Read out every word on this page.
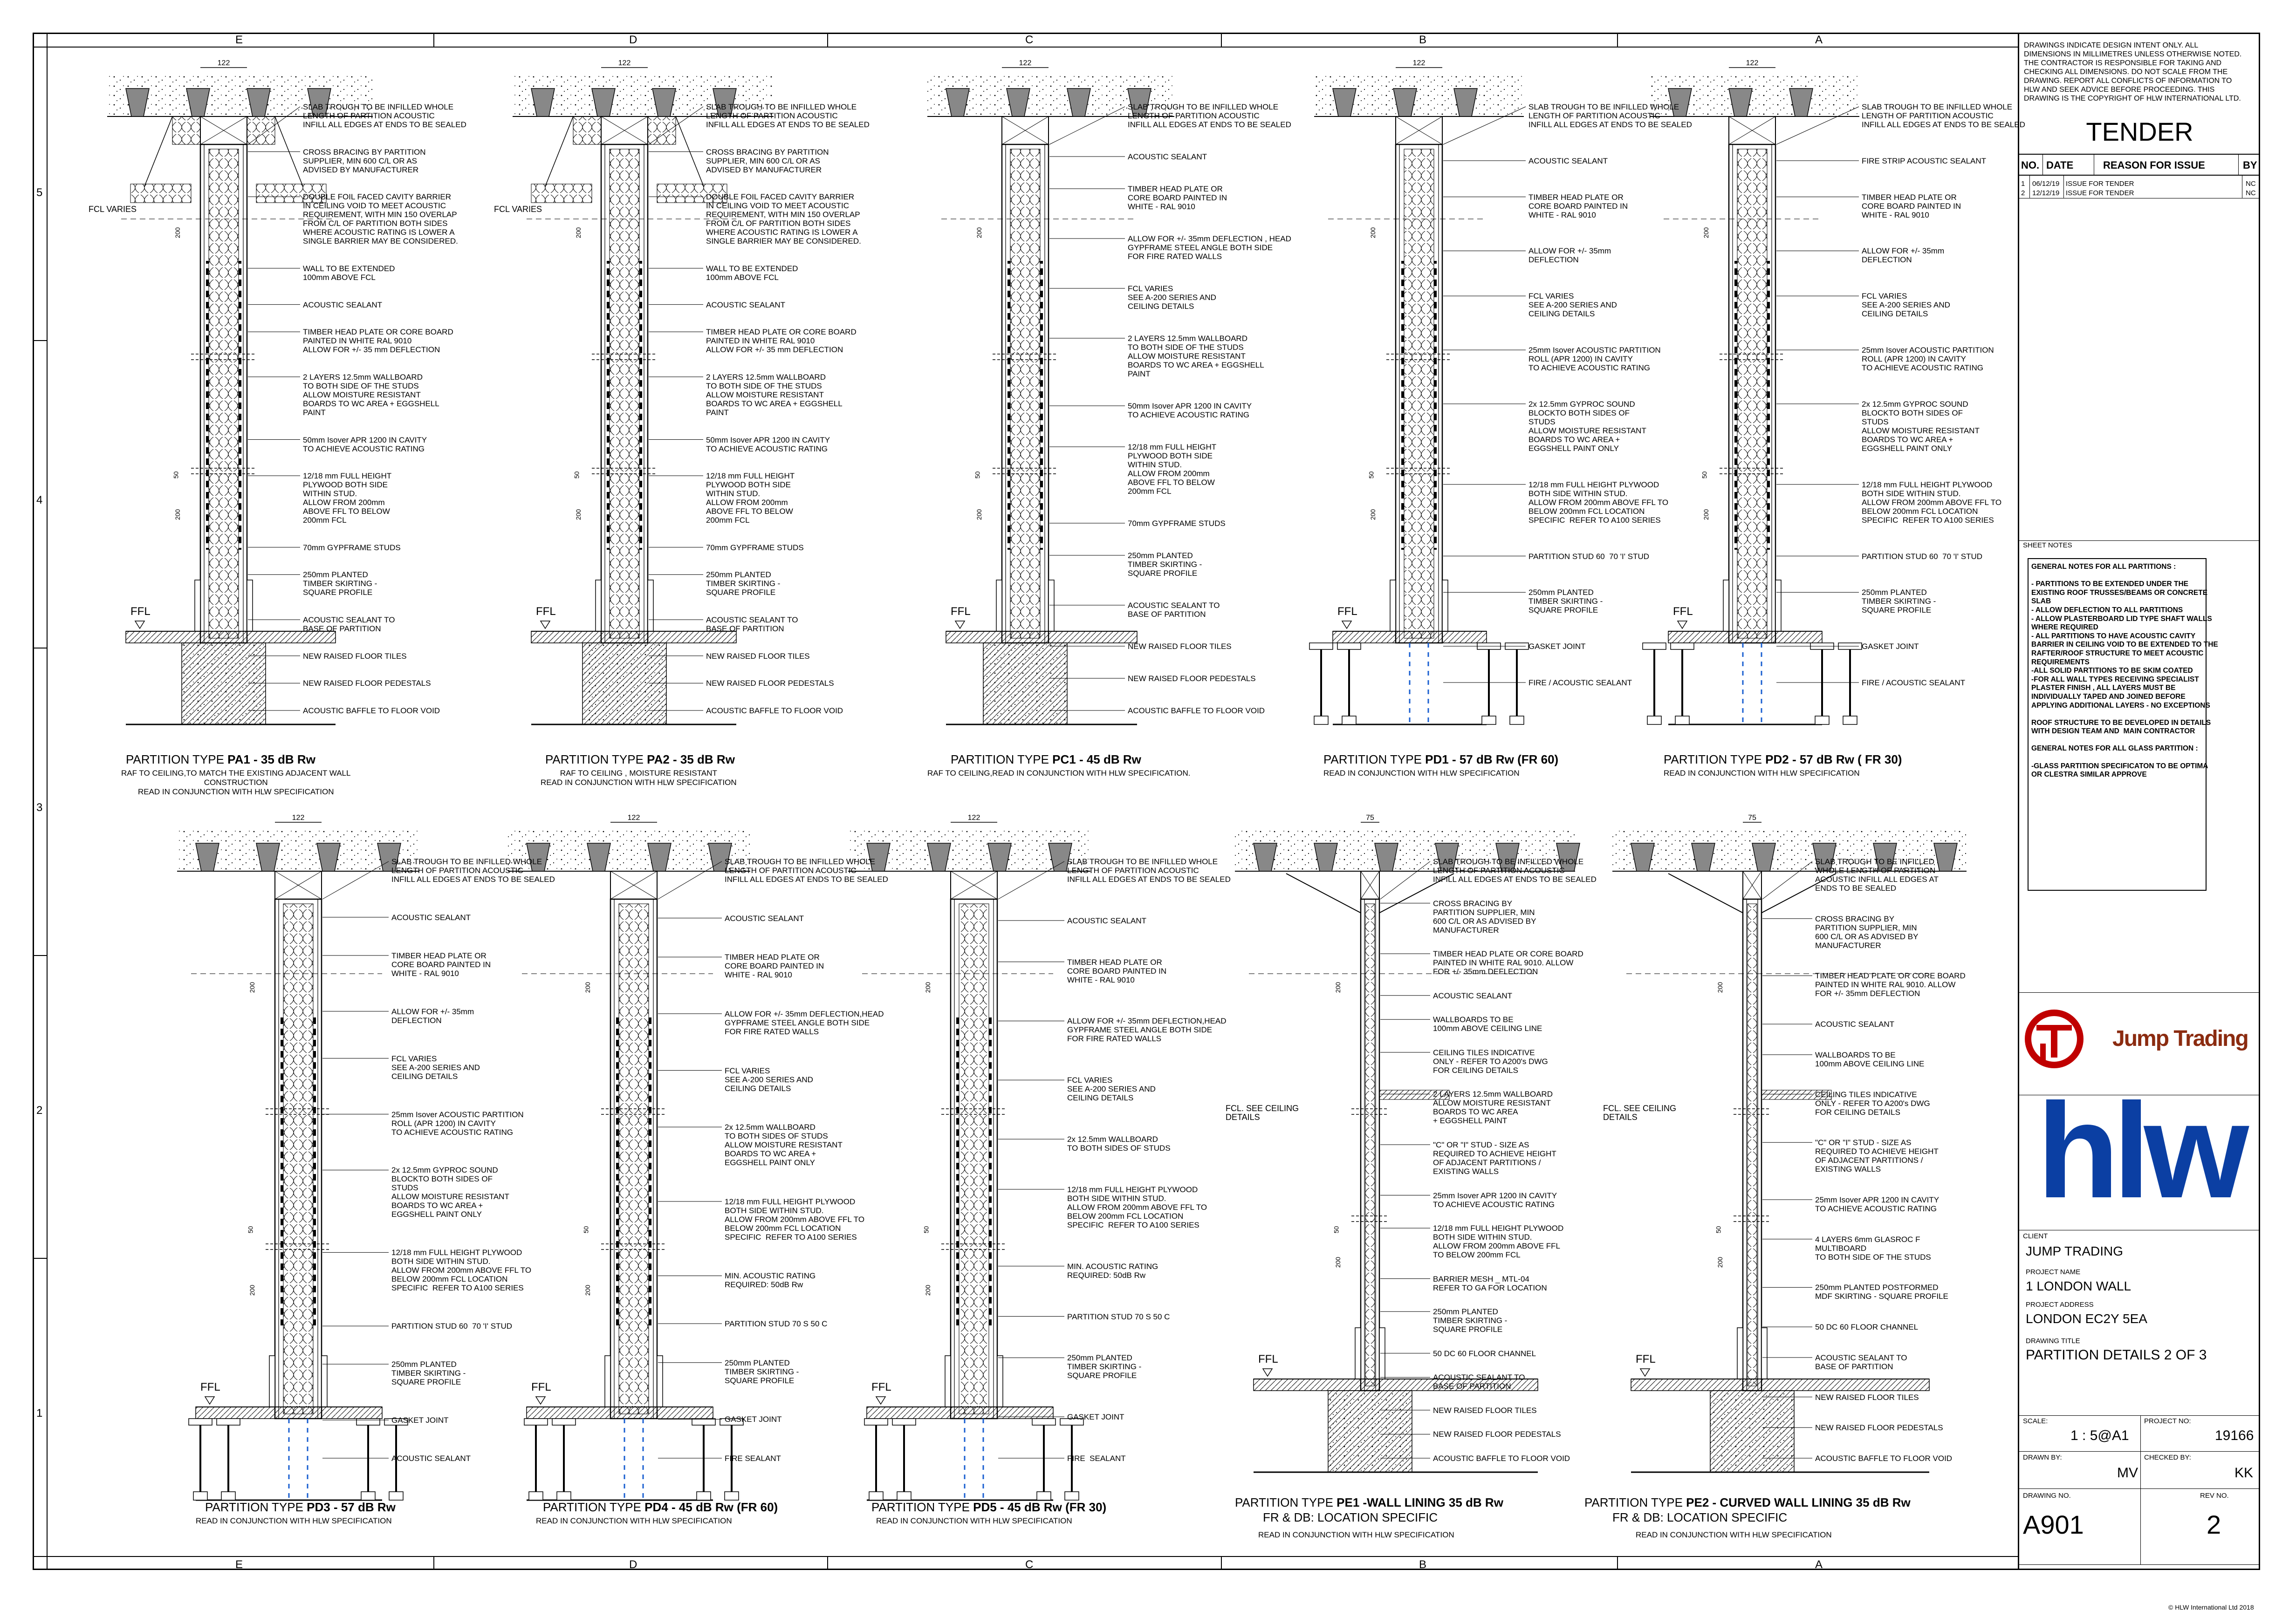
122	122	122	122	122
122	122	122	75	75
E
E
D
D
C
C
B
B
A
A
5
4
3
2
1
FFL
FCL VARIES
200
50
200
SLAB TROUGH TO BE INFILLED WHOLE
LENGTH OF PARTITION ACOUSTIC
INFILL ALL EDGES AT ENDS TO BE SEALED
CROSS BRACING BY PARTITION
SUPPLIER, MIN 600 C/L OR AS
ADVISED BY MANUFACTURER
DOUBLE FOIL FACED CAVITY BARRIER
IN CEILING VOID TO MEET ACOUSTIC
REQUIREMENT, WITH MIN 150 OVERLAP
FROM C/L OF PARTITION BOTH SIDES
WHERE ACOUSTIC RATING IS LOWER A
SINGLE BARRIER MAY BE CONSIDERED.
WALL TO BE EXTENDED
100mm ABOVE FCL
ACOUSTIC SEALANT
TIMBER HEAD PLATE OR CORE BOARD
PAINTED IN WHITE RAL 9010
ALLOW FOR +/- 35 mm DEFLECTION
2 LAYERS 12.5mm WALLBOARD
TO BOTH SIDE OF THE STUDS
ALLOW MOISTURE RESISTANT
BOARDS TO WC AREA + EGGSHELL
PAINT
50mm Isover APR 1200 IN CAVITY
TO ACHIEVE ACOUSTIC RATING
12/18 mm FULL HEIGHT
PLYWOOD BOTH SIDE
WITHIN STUD.
ALLOW FROM 200mm
ABOVE FFL TO BELOW
200mm FCL
70mm GYPFRAME STUDS
250mm PLANTED
TIMBER SKIRTING -
SQUARE PROFILE
ACOUSTIC SEALANT TO
BASE OF PARTITION
NEW RAISED FLOOR TILES
NEW RAISED FLOOR PEDESTALS
ACOUSTIC BAFFLE TO FLOOR VOID
PARTITION TYPE PA1 - 35 dB Rw
RAF TO CEILING,TO MATCH THE EXISTING ADJACENT WALL
CONSTRUCTION
READ IN CONJUNCTION WITH HLW SPECIFICATION
FFL
FCL VARIES
200
50
200
SLAB TROUGH TO BE INFILLED WHOLE
LENGTH OF PARTITION ACOUSTIC
INFILL ALL EDGES AT ENDS TO BE SEALED
CROSS BRACING BY PARTITION
SUPPLIER, MIN 600 C/L OR AS
ADVISED BY MANUFACTURER
DOUBLE FOIL FACED CAVITY BARRIER
IN CEILING VOID TO MEET ACOUSTIC
REQUIREMENT, WITH MIN 150 OVERLAP
FROM C/L OF PARTITION BOTH SIDES
WHERE ACOUSTIC RATING IS LOWER A
SINGLE BARRIER MAY BE CONSIDERED.
WALL TO BE EXTENDED
100mm ABOVE FCL
ACOUSTIC SEALANT
TIMBER HEAD PLATE OR CORE BOARD
PAINTED IN WHITE RAL 9010
ALLOW FOR +/- 35 mm DEFLECTION
2 LAYERS 12.5mm WALLBOARD
TO BOTH SIDE OF THE STUDS
ALLOW MOISTURE RESISTANT
BOARDS TO WC AREA + EGGSHELL
PAINT
50mm Isover APR 1200 IN CAVITY
TO ACHIEVE ACOUSTIC RATING
12/18 mm FULL HEIGHT
PLYWOOD BOTH SIDE
WITHIN STUD.
ALLOW FROM 200mm
ABOVE FFL TO BELOW
200mm FCL
70mm GYPFRAME STUDS
250mm PLANTED
TIMBER SKIRTING -
SQUARE PROFILE
ACOUSTIC SEALANT TO
BASE OF PARTITION
NEW RAISED FLOOR TILES
NEW RAISED FLOOR PEDESTALS
ACOUSTIC BAFFLE TO FLOOR VOID
PARTITION TYPE PA2 - 35 dB Rw
RAF TO CEILING , MOISTURE RESISTANT
READ IN CONJUNCTION WITH HLW SPECIFICATION
FFL
200
50
200
SLAB TROUGH TO BE INFILLED WHOLE
LENGTH OF PARTITION ACOUSTIC
INFILL ALL EDGES AT ENDS TO BE SEALED
ACOUSTIC SEALANT
TIMBER HEAD PLATE OR
CORE BOARD PAINTED IN
WHITE - RAL 9010
ALLOW FOR +/- 35mm DEFLECTION , HEAD
GYPFRAME STEEL ANGLE BOTH SIDE
FOR FIRE RATED WALLS
FCL VARIES
SEE A-200 SERIES AND
CEILING DETAILS
2 LAYERS 12.5mm WALLBOARD
TO BOTH SIDE OF THE STUDS
ALLOW MOISTURE RESISTANT
BOARDS TO WC AREA + EGGSHELL
PAINT
50mm Isover APR 1200 IN CAVITY
TO ACHIEVE ACOUSTIC RATING
12/18 mm FULL HEIGHT
PLYWOOD BOTH SIDE
WITHIN STUD.
ALLOW FROM 200mm
ABOVE FFL TO BELOW
200mm FCL
70mm GYPFRAME STUDS
250mm PLANTED
TIMBER SKIRTING -
SQUARE PROFILE
ACOUSTIC SEALANT TO
BASE OF PARTITION
NEW RAISED FLOOR TILES
NEW RAISED FLOOR PEDESTALS
ACOUSTIC BAFFLE TO FLOOR VOID
PARTITION TYPE PC1 - 45 dB Rw
RAF TO CEILING,READ IN CONJUNCTION WITH HLW SPECIFICATION.
FFL
200
50
200
SLAB TROUGH TO BE INFILLED WHOLE
LENGTH OF PARTITION ACOUSTIC
INFILL ALL EDGES AT ENDS TO BE SEALED
ACOUSTIC SEALANT
TIMBER HEAD PLATE OR
CORE BOARD PAINTED IN
WHITE - RAL 9010
ALLOW FOR +/- 35mm
DEFLECTION
FCL VARIES
SEE A-200 SERIES AND
CEILING DETAILS
25mm Isover ACOUSTIC PARTITION
ROLL (APR 1200) IN CAVITY
TO ACHIEVE ACOUSTIC RATING
2x 12.5mm GYPROC SOUND
BLOCKTO BOTH SIDES OF
STUDS
ALLOW MOISTURE RESISTANT
BOARDS TO WC AREA +
EGGSHELL PAINT ONLY
12/18 mm FULL HEIGHT PLYWOOD
BOTH SIDE WITHIN STUD.
ALLOW FROM 200mm ABOVE FFL TO
BELOW 200mm FCL LOCATION
SPECIFIC  REFER TO A100 SERIES
PARTITION STUD 60  70 'I' STUD
250mm PLANTED
TIMBER SKIRTING -
SQUARE PROFILE
GASKET JOINT
FIRE / ACOUSTIC SEALANT
PARTITION TYPE PD1 - 57 dB Rw (FR 60)
READ IN CONJUNCTION WITH HLW SPECIFICATION
FFL
200
50
200
SLAB TROUGH TO BE INFILLED WHOLE
LENGTH OF PARTITION ACOUSTIC
INFILL ALL EDGES AT ENDS TO BE SEALED
FIRE STRIP ACOUSTIC SEALANT
TIMBER HEAD PLATE OR
CORE BOARD PAINTED IN
WHITE - RAL 9010
ALLOW FOR +/- 35mm
DEFLECTION
FCL VARIES
SEE A-200 SERIES AND
CEILING DETAILS
25mm Isover ACOUSTIC PARTITION
ROLL (APR 1200) IN CAVITY
TO ACHIEVE ACOUSTIC RATING
2x 12.5mm GYPROC SOUND
BLOCKTO BOTH SIDES OF
STUDS
ALLOW MOISTURE RESISTANT
BOARDS TO WC AREA +
EGGSHELL PAINT ONLY
12/18 mm FULL HEIGHT PLYWOOD
BOTH SIDE WITHIN STUD.
ALLOW FROM 200mm ABOVE FFL TO
BELOW 200mm FCL LOCATION
SPECIFIC  REFER TO A100 SERIES
PARTITION STUD 60  70 'I' STUD
250mm PLANTED
TIMBER SKIRTING -
SQUARE PROFILE
GASKET JOINT
FIRE / ACOUSTIC SEALANT
PARTITION TYPE PD2 - 57 dB Rw ( FR 30)
READ IN CONJUNCTION WITH HLW SPECIFICATION
FFL
200
50
200
SLAB TROUGH TO BE INFILLED WHOLE
LENGTH OF PARTITION ACOUSTIC
INFILL ALL EDGES AT ENDS TO BE SEALED
ACOUSTIC SEALANT
TIMBER HEAD PLATE OR
CORE BOARD PAINTED IN
WHITE - RAL 9010
ALLOW FOR +/- 35mm
DEFLECTION
FCL VARIES
SEE A-200 SERIES AND
CEILING DETAILS
25mm Isover ACOUSTIC PARTITION
ROLL (APR 1200) IN CAVITY
TO ACHIEVE ACOUSTIC RATING
2x 12.5mm GYPROC SOUND
BLOCKTO BOTH SIDES OF
STUDS
ALLOW MOISTURE RESISTANT
BOARDS TO WC AREA +
EGGSHELL PAINT ONLY
12/18 mm FULL HEIGHT PLYWOOD
BOTH SIDE WITHIN STUD.
ALLOW FROM 200mm ABOVE FFL TO
BELOW 200mm FCL LOCATION
SPECIFIC  REFER TO A100 SERIES
PARTITION STUD 60  70 'I' STUD
250mm PLANTED
TIMBER SKIRTING -
SQUARE PROFILE
GASKET JOINT
ACOUSTIC SEALANT
PARTITION TYPE PD3 - 57 dB Rw
READ IN CONJUNCTION WITH HLW SPECIFICATION
FFL
200
50
200
SLAB TROUGH TO BE INFILLED WHOLE
LENGTH OF PARTITION ACOUSTIC
INFILL ALL EDGES AT ENDS TO BE SEALED
ACOUSTIC SEALANT
TIMBER HEAD PLATE OR
CORE BOARD PAINTED IN
WHITE - RAL 9010
ALLOW FOR +/- 35mm DEFLECTION,HEAD
GYPFRAME STEEL ANGLE BOTH SIDE
FOR FIRE RATED WALLS
FCL VARIES
SEE A-200 SERIES AND
CEILING DETAILS
2x 12.5mm WALLBOARD
TO BOTH SIDES OF STUDS
ALLOW MOISTURE RESISTANT
BOARDS TO WC AREA +
EGGSHELL PAINT ONLY
12/18 mm FULL HEIGHT PLYWOOD
BOTH SIDE WITHIN STUD.
ALLOW FROM 200mm ABOVE FFL TO
BELOW 200mm FCL LOCATION
SPECIFIC  REFER TO A100 SERIES
MIN. ACOUSTIC RATING
REQUIRED: 50dB Rw
PARTITION STUD 70 S 50 C
250mm PLANTED
TIMBER SKIRTING -
SQUARE PROFILE
GASKET JOINT
FIRE SEALANT
PARTITION TYPE PD4 - 45 dB Rw (FR 60)
READ IN CONJUNCTION WITH HLW SPECIFICATION
FFL
200
50
200
SLAB TROUGH TO BE INFILLED WHOLE
LENGTH OF PARTITION ACOUSTIC
INFILL ALL EDGES AT ENDS TO BE SEALED
ACOUSTIC SEALANT
TIMBER HEAD PLATE OR
CORE BOARD PAINTED IN
WHITE - RAL 9010
ALLOW FOR +/- 35mm DEFLECTION,HEAD
GYPFRAME STEEL ANGLE BOTH SIDE
FOR FIRE RATED WALLS
FCL VARIES
SEE A-200 SERIES AND
CEILING DETAILS
2x 12.5mm WALLBOARD
TO BOTH SIDES OF STUDS
12/18 mm FULL HEIGHT PLYWOOD
BOTH SIDE WITHIN STUD.
ALLOW FROM 200mm ABOVE FFL TO
BELOW 200mm FCL LOCATION
SPECIFIC  REFER TO A100 SERIES
MIN. ACOUSTIC RATING
REQUIRED: 50dB Rw
PARTITION STUD 70 S 50 C
250mm PLANTED
TIMBER SKIRTING -
SQUARE PROFILE
GASKET JOINT
FIRE  SEALANT
PARTITION TYPE PD5 - 45 dB Rw (FR 30)
READ IN CONJUNCTION WITH HLW SPECIFICATION
FFL
FCL. SEE CEILING
DETAILS
200
50
200
SLAB TROUGH TO BE INFILLED WHOLE
LENGTH OF PARTITION ACOUSTIC
INFILL ALL EDGES AT ENDS TO BE SEALED
CROSS BRACING BY
PARTITION SUPPLIER, MIN
600 C/L OR AS ADVISED BY
MANUFACTURER
TIMBER HEAD PLATE OR CORE BOARD
PAINTED IN WHITE RAL 9010. ALLOW
FOR +/- 35mm DEFLECTION
ACOUSTIC SEALANT
WALLBOARDS TO BE
100mm ABOVE CEILING LINE
CEILING TILES INDICATIVE
ONLY - REFER TO A200's DWG
FOR CEILING DETAILS
2 LAYERS 12.5mm WALLBOARD
ALLOW MOISTURE RESISTANT
BOARDS TO WC AREA
+ EGGSHELL PAINT
"C" OR "I" STUD - SIZE AS
REQUIRED TO ACHIEVE HEIGHT
OF ADJACENT PARTITIONS /
EXISTING WALLS
25mm Isover APR 1200 IN CAVITY
TO ACHIEVE ACOUSTIC RATING
12/18 mm FULL HEIGHT PLYWOOD
BOTH SIDE WITHIN STUD.
ALLOW FROM 200mm ABOVE FFL
TO BELOW 200mm FCL
BARRIER MESH _ MTL-04
REFER TO GA FOR LOCATION
250mm PLANTED
TIMBER SKIRTING -
SQUARE PROFILE
50 DC 60 FLOOR CHANNEL
ACOUSTIC SEALANT TO
BASE OF PARTITION
NEW RAISED FLOOR TILES
NEW RAISED FLOOR PEDESTALS
ACOUSTIC BAFFLE TO FLOOR VOID
PARTITION TYPE PE1 -WALL LINING 35 dB Rw
FR & DB: LOCATION SPECIFIC
READ IN CONJUNCTION WITH HLW SPECIFICATION
FFL
FCL. SEE CEILING
DETAILS
200
50
200
SLAB TROUGH TO BE INFILLED
WHOLE LENGTH OF PARTITION
ACOUSTIC INFILL ALL EDGES AT
ENDS TO BE SEALED
CROSS BRACING BY
PARTITION SUPPLIER, MIN
600 C/L OR AS ADVISED BY
MANUFACTURER
TIMBER HEAD PLATE OR CORE BOARD
PAINTED IN WHITE RAL 9010. ALLOW
FOR +/- 35mm DEFLECTION
ACOUSTIC SEALANT
WALLBOARDS TO BE
100mm ABOVE CEILING LINE
CEILING TILES INDICATIVE
ONLY - REFER TO A200's DWG
FOR CEILING DETAILS
"C" OR "I" STUD - SIZE AS
REQUIRED TO ACHIEVE HEIGHT
OF ADJACENT PARTITIONS /
EXISTING WALLS
25mm Isover APR 1200 IN CAVITY
TO ACHIEVE ACOUSTIC RATING
4 LAYERS 6mm GLASROC F
MULTIBOARD
TO BOTH SIDE OF THE STUDS
250mm PLANTED POSTFORMED
MDF SKIRTING - SQUARE PROFILE
50 DC 60 FLOOR CHANNEL
ACOUSTIC SEALANT TO
BASE OF PARTITION
NEW RAISED FLOOR TILES
NEW RAISED FLOOR PEDESTALS
ACOUSTIC BAFFLE TO FLOOR VOID
PARTITION TYPE PE2 - CURVED WALL LINING 35 dB Rw
FR & DB: LOCATION SPECIFIC
READ IN CONJUNCTION WITH HLW SPECIFICATION
DRAWINGS INDICATE DESIGN INTENT ONLY. ALL
DIMENSIONS IN MILLIMETRES UNLESS OTHERWISE NOTED.
THE CONTRACTOR IS RESPONSIBLE FOR TAKING AND
CHECKING ALL DIMENSIONS. DO NOT SCALE FROM THE
DRAWING. REPORT ALL CONFLICTS OF INFORMATION TO
HLW AND SEEK ADVICE BEFORE PROCEEDING. THIS
DRAWING IS THE COPYRIGHT OF HLW INTERNATIONAL LTD.
TENDER
NO. DATE	REASON FOR ISSUE	BY
1 06/12/19 ISSUE FOR TENDER	NC
2 12/12/19 ISSUE FOR TENDER	NC
SHEET NOTES
GENERAL NOTES FOR ALL PARTITIONS :

- PARTITIONS TO BE EXTENDED UNDER THE
EXISTING ROOF TRUSSES/BEAMS OR CONCRETE
SLAB
- ALLOW DEFLECTION TO ALL PARTITIONS
- ALLOW PLASTERBOARD LID TYPE SHAFT WALLS
WHERE REQUIRED
- ALL PARTITIONS TO HAVE ACOUSTIC CAVITY
BARRIER IN CEILING VOID TO BE EXTENDED TO THE
RAFTER/ROOF STRUCTURE TO MEET ACOUSTIC
REQUIREMENTS
-ALL SOLID PARTITIONS TO BE SKIM COATED
-FOR ALL WALL TYPES RECEIVING SPECIALIST
PLASTER FINISH , ALL LAYERS MUST BE
INDIVIDUALLY TAPED AND JOINED BEFORE
APPLYING ADDITIONAL LAYERS - NO EXCEPTIONS

ROOF STRUCTURE TO BE DEVELOPED IN DETAILS
WITH DESIGN TEAM AND  MAIN CONTRACTOR

GENERAL NOTES FOR ALL GLASS PARTITION :

-GLASS PARTITION SPECIFICATON TO BE OPTIMA
OR CLESTRA SIMILAR APPROVE
Jump Trading
hlw
CLIENT
JUMP TRADING
PROJECT NAME
1 LONDON WALL
PROJECT ADDRESS
LONDON EC2Y 5EA
DRAWING TITLE
PARTITION DETAILS 2 OF 3
SCALE:
1 : 5@A1
PROJECT NO:
19166
DRAWN BY:
MV
CHECKED BY:
KK
DRAWING NO.
A901
REV NO.
2
© HLW International Ltd 2018
